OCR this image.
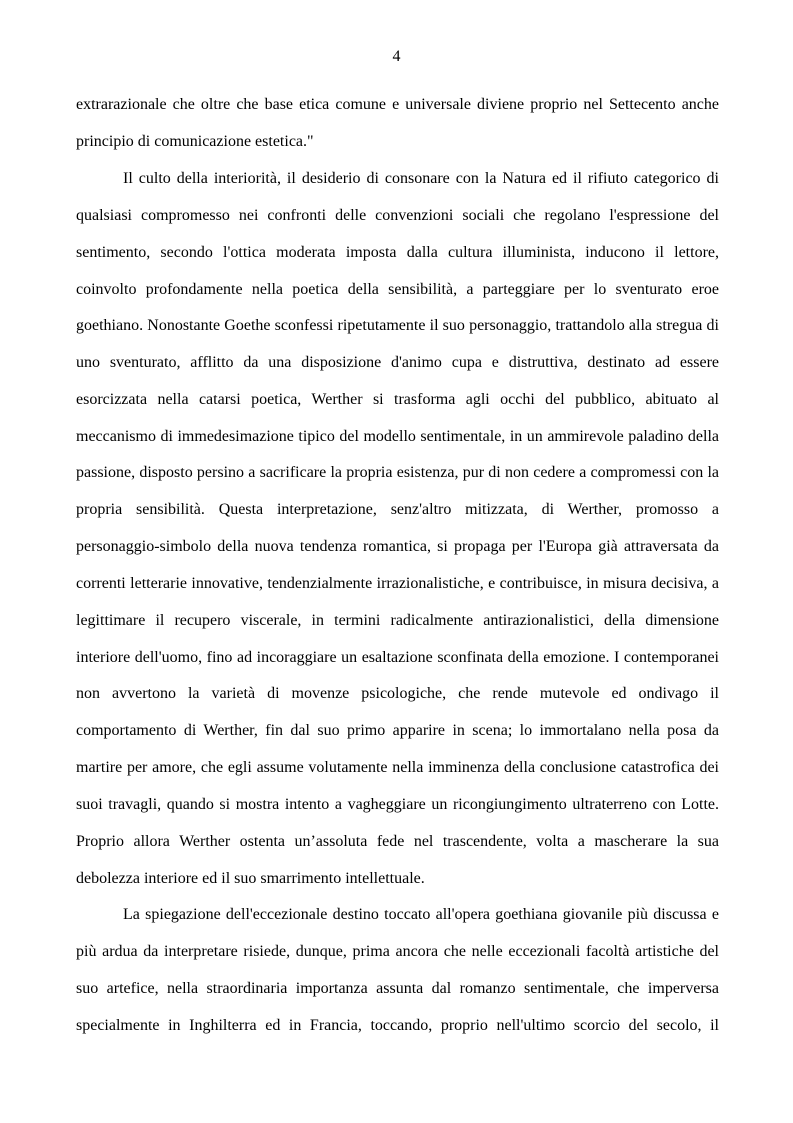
4
extrarazionale che oltre che base etica comune e universale diviene proprio nel Settecento anche
principio di comunicazione estetica."
Il culto della interiorità, il desiderio di consonare con la Natura ed il rifiuto categorico di
qualsiasi compromesso nei confronti delle convenzioni sociali che regolano l'espressione del
sentimento, secondo l'ottica moderata imposta dalla cultura illuminista, inducono il lettore,
coinvolto profondamente nella poetica della sensibilità, a parteggiare per lo sventurato eroe
goethiano. Nonostante Goethe sconfessi ripetutamente il suo personaggio, trattandolo alla stregua di
uno sventurato, afflitto da una disposizione d'animo cupa e distruttiva, destinato ad essere
esorcizzata nella catarsi poetica, Werther si trasforma agli occhi del pubblico, abituato al
meccanismo di immedesimazione tipico del modello sentimentale, in un ammirevole paladino della
passione, disposto persino a sacrificare la propria esistenza, pur di non cedere a compromessi con la
propria sensibilità. Questa interpretazione, senz'altro mitizzata, di Werther, promosso a
personaggio-simbolo della nuova tendenza romantica, si propaga per l'Europa già attraversata da
correnti letterarie innovative, tendenzialmente irrazionalistiche, e contribuisce, in misura decisiva, a
legittimare il recupero viscerale, in termini radicalmente antirazionalistici, della dimensione
interiore dell'uomo, fino ad incoraggiare un esaltazione sconfinata della emozione. I contemporanei
non avvertono la varietà di movenze psicologiche, che rende mutevole ed ondivago il
comportamento di Werther, fin dal suo primo apparire in scena; lo immortalano nella posa da
martire per amore, che egli assume volutamente nella imminenza della conclusione catastrofica dei
suoi travagli, quando si mostra intento a vagheggiare un ricongiungimento ultraterreno con Lotte.
Proprio allora Werther ostenta un’assoluta fede nel trascendente, volta a mascherare la sua
debolezza interiore ed il suo smarrimento intellettuale.
La spiegazione dell'eccezionale destino toccato all'opera goethiana giovanile più discussa e
più ardua da interpretare risiede, dunque, prima ancora che nelle eccezionali facoltà artistiche del
suo artefice, nella straordinaria importanza assunta dal romanzo sentimentale, che imperversa
specialmente in Inghilterra ed in Francia, toccando, proprio nell'ultimo scorcio del secolo, il
